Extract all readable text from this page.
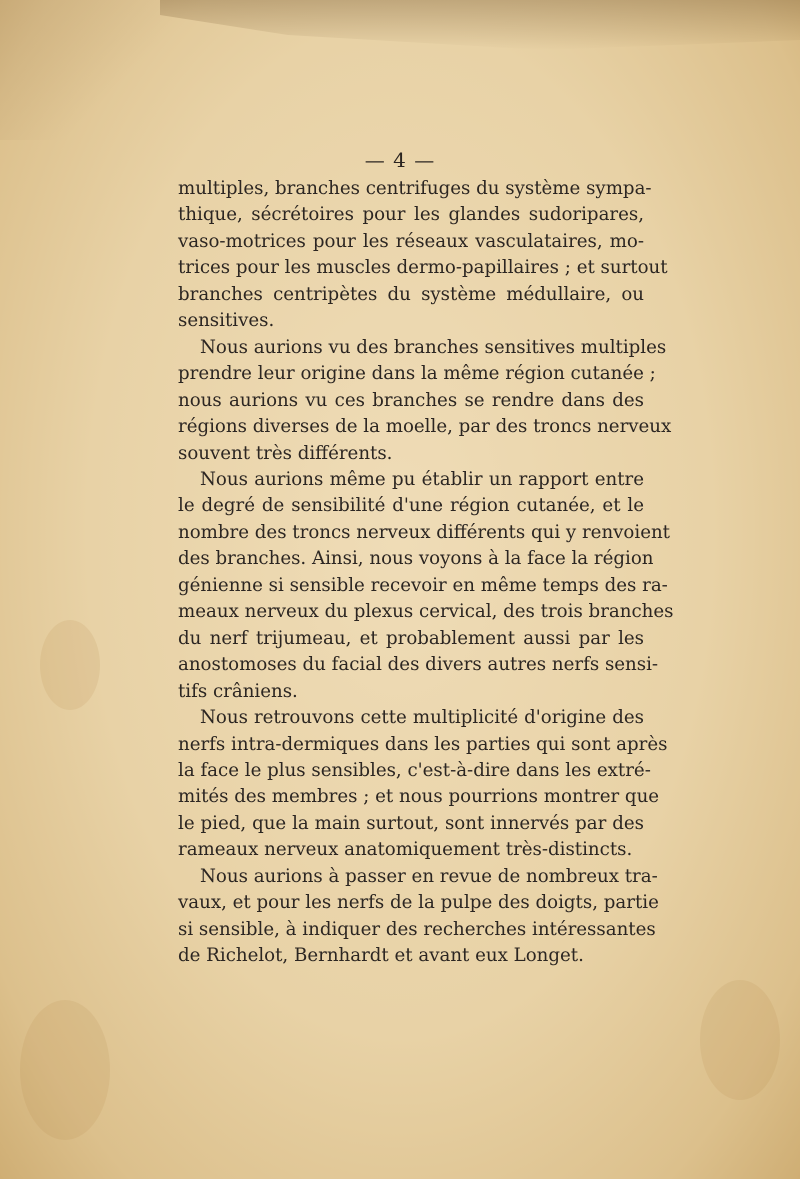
— 4 —
multiples, branches centrifuges du système sympa-
thique, sécrétoires pour les glandes sudoripares,
vaso-motrices pour les réseaux vasculataires, mo-
trices pour les muscles dermo-papillaires ; et surtout
branches centripètes du système médullaire, ou
sensitives.
Nous aurions vu des branches sensitives multiples
prendre leur origine dans la même région cutanée ;
nous aurions vu ces branches se rendre dans des
régions diverses de la moelle, par des troncs nerveux
souvent très différents.
Nous aurions même pu établir un rapport entre
le degré de sensibilité d'une région cutanée, et le
nombre des troncs nerveux différents qui y renvoient
des branches. Ainsi, nous voyons à la face la région
génienne si sensible recevoir en même temps des ra-
meaux nerveux du plexus cervical, des trois branches
du nerf trijumeau, et probablement aussi par les
anostomoses du facial des divers autres nerfs sensi-
tifs crâniens.
Nous retrouvons cette multiplicité d'origine des
nerfs intra-dermiques dans les parties qui sont après
la face le plus sensibles, c'est-à-dire dans les extré-
mités des membres ; et nous pourrions montrer que
le pied, que la main surtout, sont innervés par des
rameaux nerveux anatomiquement très-distincts.
Nous aurions à passer en revue de nombreux tra-
vaux, et pour les nerfs de la pulpe des doigts, partie
si sensible, à indiquer des recherches intéressantes
de Richelot, Bernhardt et avant eux Longet.
